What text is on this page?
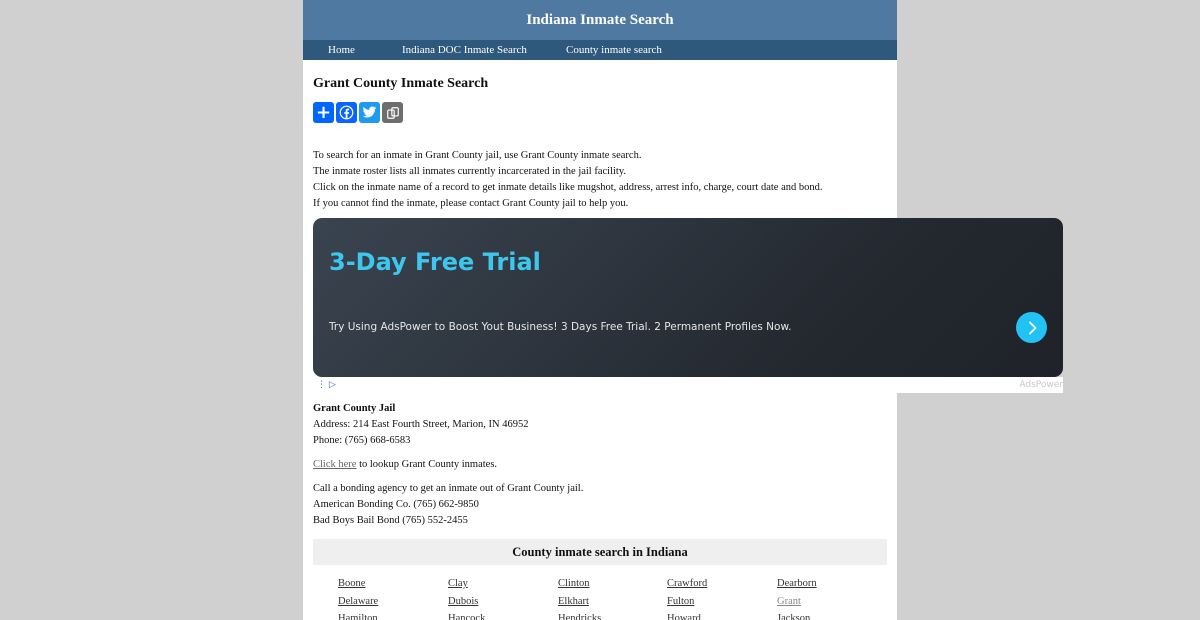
Indiana Inmate Search
Home	Indiana DOC Inmate Search	County inmate search
Grant County Inmate Search
+
To search for an inmate in Grant County jail, use Grant County inmate search.
The inmate roster lists all inmates currently incarcerated in the jail facility.
Click on the inmate name of a record to get inmate details like mugshot, address, arrest info, charge, court date and bond.
If you cannot find the inmate, please contact Grant County jail to help you.
3-Day Free Trial
Try Using AdsPower to Boost Yout Business! 3 Days Free Trial. 2 Permanent Profiles Now.
⋮ ▷	AdsPower
Grant County Jail
Address: 214 East Fourth Street, Marion, IN 46952
Phone: (765) 668-6583
Click here to lookup Grant County inmates.
Call a bonding agency to get an inmate out of Grant County jail.
American Bonding Co. (765) 662-9850
Bad Boys Bail Bond (765) 552-2455
County inmate search in Indiana
Boone	Clay	Clinton	Crawford	Dearborn
Delaware	Dubois	Elkhart	Fulton	Grant
Hamilton	Hancock	Hendricks	Howard	Jackson
